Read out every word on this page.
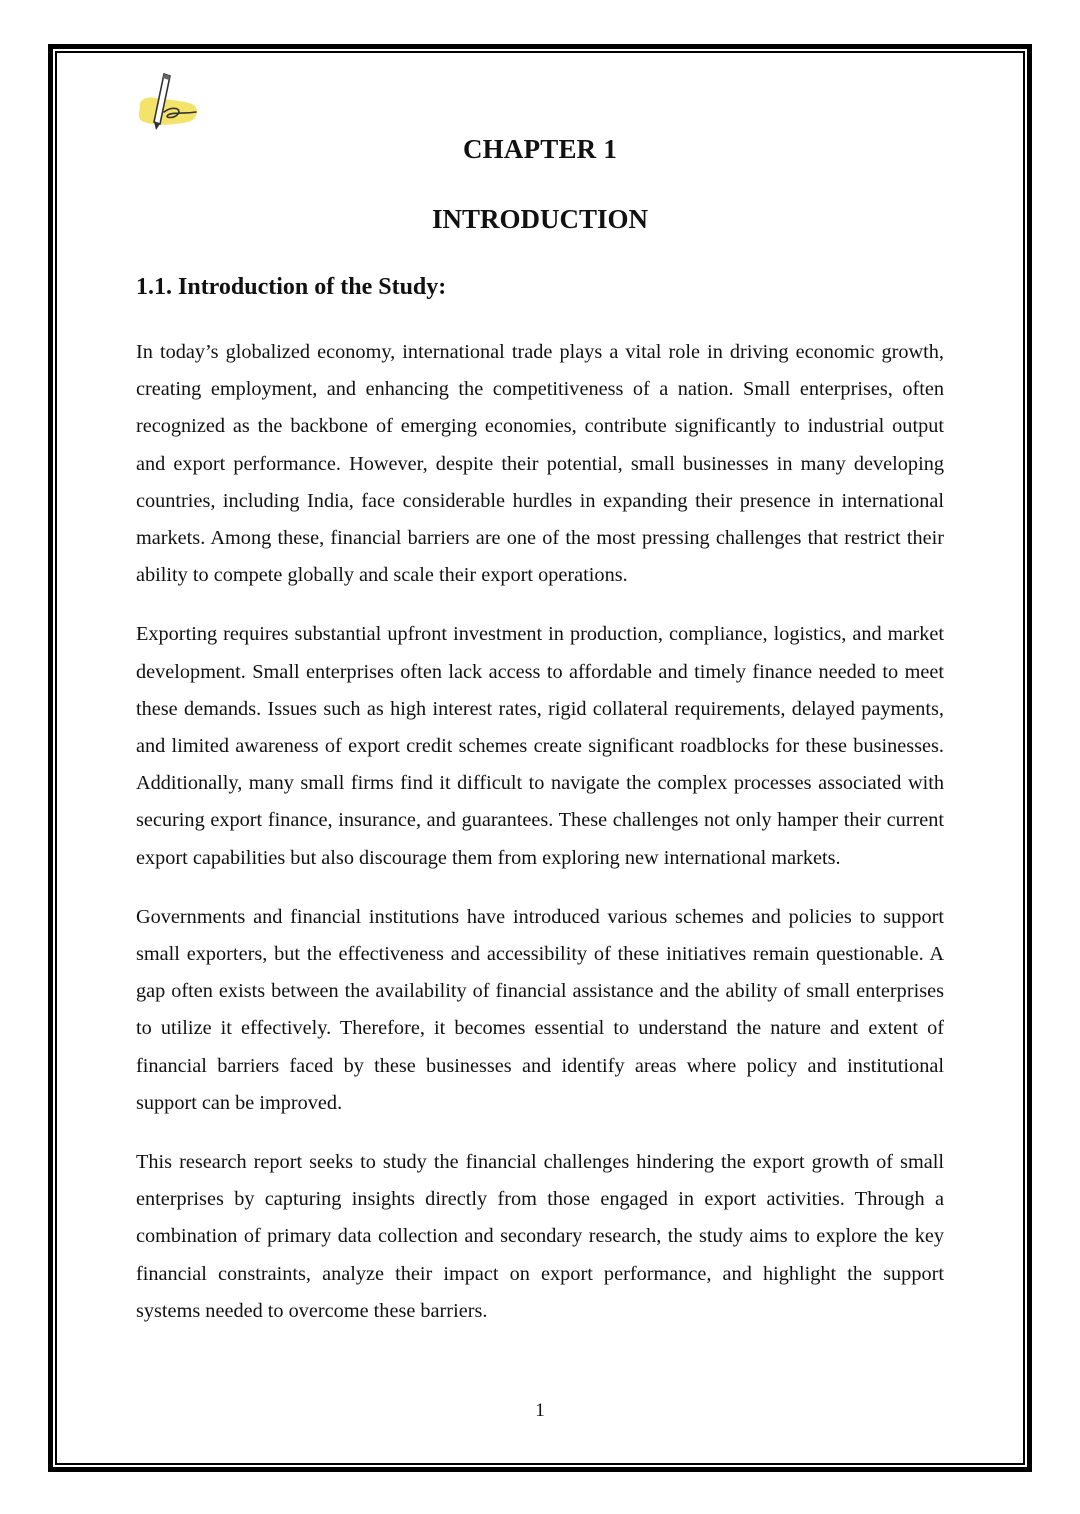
CHAPTER 1
INTRODUCTION
1.1. Introduction of the Study:

In today’s globalized economy, international trade plays a vital role in driving economic growth, creating employment, and enhancing the competitiveness of a nation. Small enterprises, often recognized as the backbone of emerging economies, contribute significantly to industrial output and export performance. However, despite their potential, small businesses in many developing countries, including India, face considerable hurdles in expanding their presence in international markets. Among these, financial barriers are one of the most pressing challenges that restrict their ability to compete globally and scale their export operations.

Exporting requires substantial upfront investment in production, compliance, logistics, and market development. Small enterprises often lack access to affordable and timely finance needed to meet these demands. Issues such as high interest rates, rigid collateral requirements, delayed payments, and limited awareness of export credit schemes create significant roadblocks for these businesses. Additionally, many small firms find it difficult to navigate the complex processes associated with securing export finance, insurance, and guarantees. These challenges not only hamper their current export capabilities but also discourage them from exploring new international markets.

Governments and financial institutions have introduced various schemes and policies to support small exporters, but the effectiveness and accessibility of these initiatives remain questionable. A gap often exists between the availability of financial assistance and the ability of small enterprises to utilize it effectively. Therefore, it becomes essential to understand the nature and extent of financial barriers faced by these businesses and identify areas where policy and institutional support can be improved.

This research report seeks to study the financial challenges hindering the export growth of small enterprises by capturing insights directly from those engaged in export activities. Through a combination of primary data collection and secondary research, the study aims to explore the key financial constraints, analyze their impact on export performance, and highlight the support systems needed to overcome these barriers.

1
